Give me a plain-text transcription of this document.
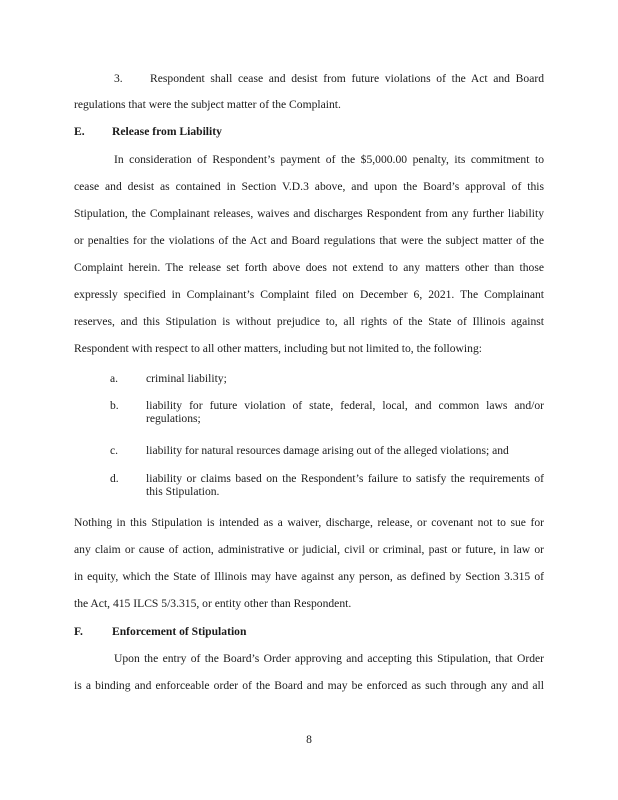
3. Respondent shall cease and desist from future violations of the Act and Board
regulations that were the subject matter of the Complaint.
E. Release from Liability
In consideration of Respondent’s payment of the $5,000.00 penalty, its commitment to
cease and desist as contained in Section V.D.3 above, and upon the Board’s approval of this
Stipulation, the Complainant releases, waives and discharges Respondent from any further liability
or penalties for the violations of the Act and Board regulations that were the subject matter of the
Complaint herein. The release set forth above does not extend to any matters other than those
expressly specified in Complainant’s Complaint filed on December 6, 2021. The Complainant
reserves, and this Stipulation is without prejudice to, all rights of the State of Illinois against
Respondent with respect to all other matters, including but not limited to, the following:
a. criminal liability;
b. liability for future violation of state, federal, local, and common laws and/or
regulations;
c. liability for natural resources damage arising out of the alleged violations; and
d. liability or claims based on the Respondent’s failure to satisfy the requirements of
this Stipulation.
Nothing in this Stipulation is intended as a waiver, discharge, release, or covenant not to sue for
any claim or cause of action, administrative or judicial, civil or criminal, past or future, in law or
in equity, which the State of Illinois may have against any person, as defined by Section 3.315 of
the Act, 415 ILCS 5/3.315, or entity other than Respondent.
F.	Enforcement of Stipulation
Upon the entry of the Board’s Order approving and accepting this Stipulation, that Order
is a binding and enforceable order of the Board and may be enforced as such through any and all
8
